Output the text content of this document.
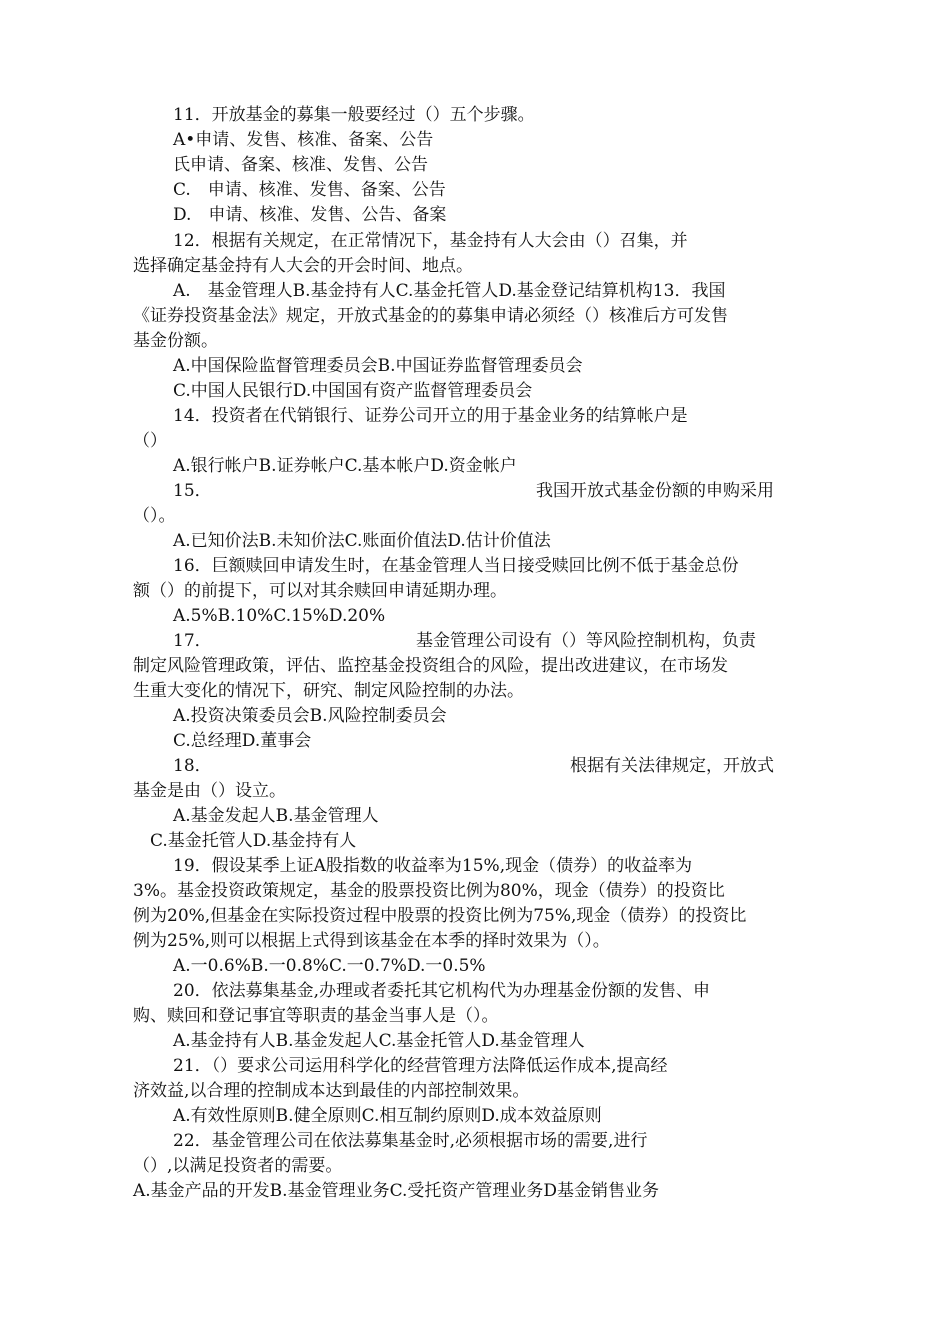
11．开放基金的募集一般要经过（）五个步骤。
A•申请、发售、核准、备案、公告
氏申请、备案、核准、发售、公告
C.　申请、核准、发售、备案、公告
D.　申请、核准、发售、公告、备案
12．根据有关规定，在正常情况下，基金持有人大会由（）召集，并
选择确定基金持有人大会的开会时间、地点。
A.　基金管理人B.基金持有人C.基金托管人D.基金登记结算机构13．我国
《证券投资基金法》规定，开放式基金的的募集申请必须经（）核准后方可发售
基金份额。
A.中国保险监督管理委员会B.中国证券监督管理委员会
C.中国人民银行D.中国国有资产监督管理委员会
14．投资者在代销银行、证券公司开立的用于基金业务的结算帐户是
（）
A.银行帐户B.证券帐户C.基本帐户D.资金帐户
15．	我国开放式基金份额的申购采用
（）。
A.已知价法B.未知价法C.账面价值法D.估计价值法
16．巨额赎回申请发生时，在基金管理人当日接受赎回比例不低于基金总份
额（）的前提下，可以对其余赎回申请延期办理。
A.5%B.10%C.15%D.20%
17．	基金管理公司设有（）等风险控制机构，负责
制定风险管理政策，评估、监控基金投资组合的风险，提出改进建议，在市场发
生重大变化的情况下，研究、制定风险控制的办法。
A.投资决策委员会B.风险控制委员会
C.总经理D.董事会
18．	根据有关法律规定，开放式
基金是由（）设立。
A.基金发起人B.基金管理人
C.基金托管人D.基金持有人
19．假设某季上证A股指数的收益率为15%,现金（债券）的收益率为
3%。基金投资政策规定，基金的股票投资比例为80%，现金（债券）的投资比
例为20%,但基金在实际投资过程中股票的投资比例为75%,现金（债券）的投资比
例为25%,则可以根据上式得到该基金在本季的择时效果为（）。
A.一0.6%B.一0.8%C.一0.7%D.一0.5%
20．依法募集基金,办理或者委托其它机构代为办理基金份额的发售、申
购、赎回和登记事宜等职责的基金当事人是（）。
A.基金持有人B.基金发起人C.基金托管人D.基金管理人
21．（）要求公司运用科学化的经营管理方法降低运作成本,提高经
济效益,以合理的控制成本达到最佳的内部控制效果。
A.有效性原则B.健全原则C.相互制约原则D.成本效益原则
22．基金管理公司在依法募集基金时,必须根据市场的需要,进行
（）,以满足投资者的需要。
A.基金产品的开发B.基金管理业务C.受托资产管理业务D基金销售业务
